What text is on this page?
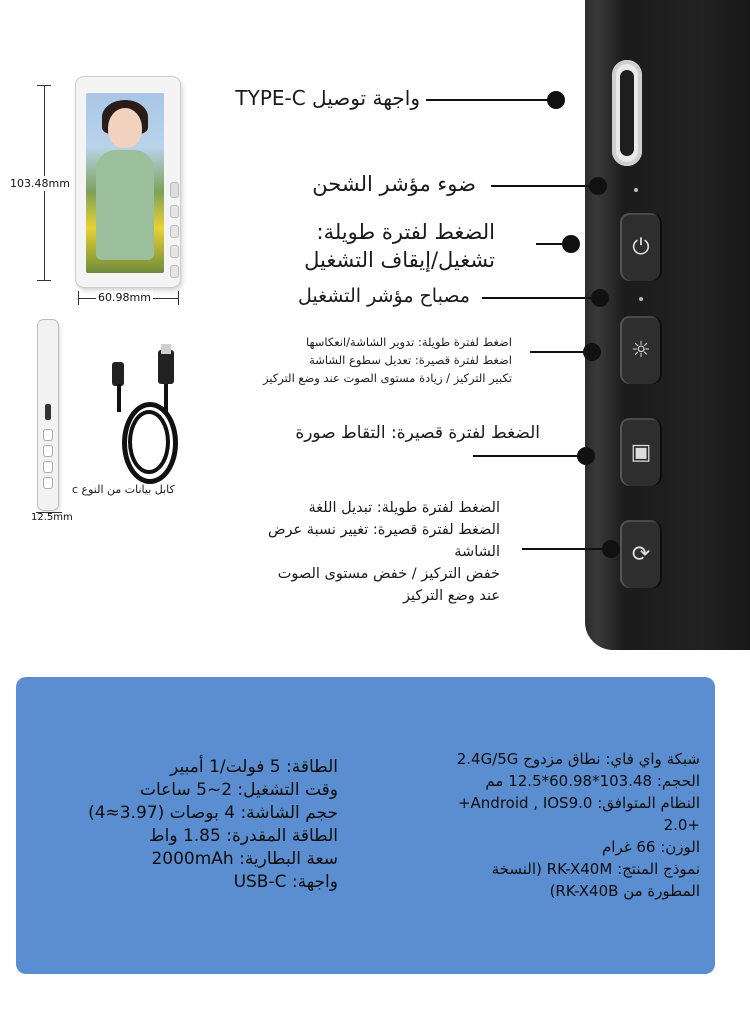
⏻
☼
▣
⟳
واجهة توصيل TYPE-C
ضوء مؤشر الشحن
الضغط لفترة طويلة:
تشغيل/إيقاف التشغيل
مصباح مؤشر التشغيل
اضغط لفترة طويلة: تدوير الشاشة/انعكاسها
اضغط لفترة قصيرة: تعديل سطوع الشاشة
تكبير التركيز / زيادة مستوى الصوت عند وضع التركيز
الضغط لفترة قصيرة: التقاط صورة
الضغط لفترة طويلة: تبديل اللغة
الضغط لفترة قصيرة: تغيير نسبة عرض
الشاشة
خفض التركيز / خفض مستوى الصوت
عند وضع التركيز
103.48mm
60.98mm
12.5mm
كابل بيانات من النوع c
الطاقة: 5 فولت/1 أمبير
وقت التشغيل: 2~5 ساعات
حجم الشاشة: 4 بوصات (3.97≈4)
الطاقة المقدرة: 1.85 واط
سعة البطارية: 2000mAh
واجهة: USB-C
شبكة واي فاي: نطاق مزدوج 2.4G/5G
الحجم: 103.48*60.98*12.5 مم
النظام المتوافق: Android , IOS9.0+
+2.0
الوزن: 66 غرام
نموذج المنتج: RK-X40M (النسخة
المطورة من RK-X40B)
